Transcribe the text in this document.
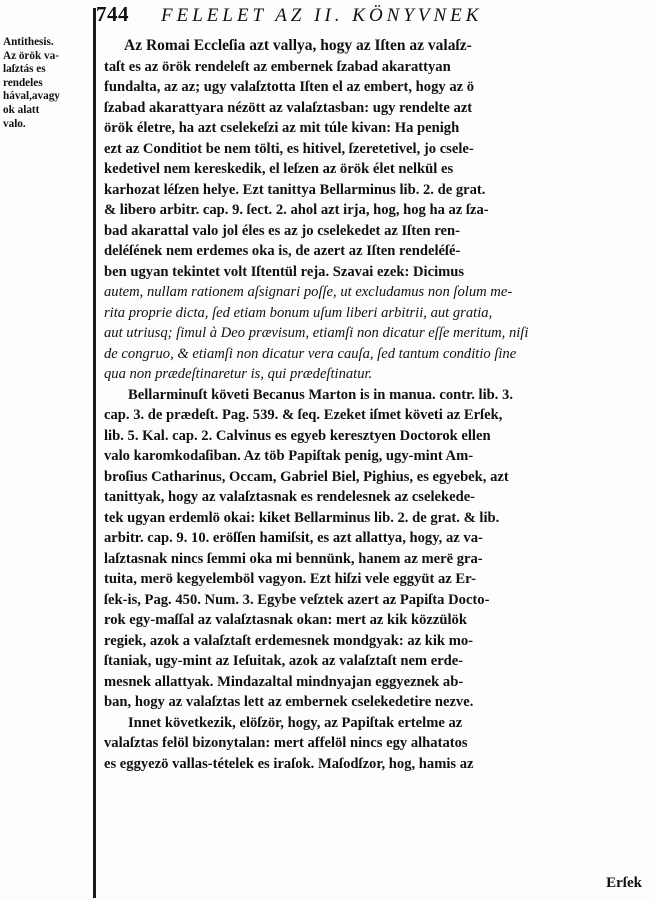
744 FELELET AZ II. KÖNYVNEK
Antithesis.
Az örök va-
laſztás es
rendeles
hával,avagy
ok alatt
valo.
Az Romai Eccleſia azt vallya, hogy az Iſten az valaſz-
taſt es az örök rendeleſt az embernek ſzabad akarattyan
fundalta, az az; ugy valaſztotta Iſten el az embert, hogy az ö
ſzabad akarattyara nézött az valaſztasban: ugy rendelte azt
örök életre, ha azt cselekeſzi az mit túle kivan: Ha penigh
ezt az Conditiot be nem tölti, es hitivel, ſzeretetivel, jo csele-
kedetivel nem kereskedik, el leſzen az örök élet nelkül es
karhozat léſzen helye. Ezt tanittya Bellarminus lib. 2. de grat.
& libero arbitr. cap. 9. ſect. 2. ahol azt irja, hog, hog ha az ſza-
bad akarattal valo jol éles es az jo cselekedet az Iſten ren-
deléſének nem erdemes oka is, de azert az Iſten rendeléſé-
ben ugyan tekintet volt Iſtentül reja. Szavai ezek: Dicimus
autem, nullam rationem aſsignari poſſe, ut excludamus non ſolum me-
rita proprie dicta, ſed etiam bonum uſum liberi arbitrii, aut gratia,
aut utriusq; ſimul à Deo prævisum, etiamſi non dicatur eſſe meritum, niſi
de congruo, & etiamſi non dicatur vera cauſa, ſed tantum conditio ſine
qua non prædeſtinaretur is, qui prædeſtinatur.
Bellarminuſt követi Becanus Marton is in manua. contr. lib. 3.
cap. 3. de prædeſt. Pag. 539. & ſeq. Ezeket iſmet követi az Erſek,
lib. 5. Kal. cap. 2. Calvinus es egyeb keresztyen Doctorok ellen
valo karomkodaſiban. Az töb Papiſtak penig, ugy-mint Am-
broſius Catharinus, Occam, Gabriel Biel, Pighius, es egyebek, azt
tanittyak, hogy az valaſztasnak es rendelesnek az cselekede-
tek ugyan erdemlö okai: kiket Bellarminus lib. 2. de grat. & lib.
arbitr. cap. 9. 10. eröſſen hamiſsit, es azt allattya, hogy, az va-
laſztasnak nincs ſemmi oka mi bennünk, hanem az merë gra-
tuita, merö kegyelemböl vagyon. Ezt hiſzi vele eggyüt az Er-
ſek-is, Pag. 450. Num. 3. Egybe veſztek azert az Papiſta Docto-
rok egy-maſſal az valaſztasnak okan: mert az kik közzülök
regiek, azok a valaſztaſt erdemesnek mondgyak: az kik mo-
ſtaniak, ugy-mint az Ieſuitak, azok az valaſztaſt nem erde-
mesnek allattyak. Mindazaltal mindnyajan eggyeznek ab-
ban, hogy az valaſztas lett az embernek cselekedetire nezve.
Innet következik, elöſzör, hogy, az Papiſtak ertelme az
valaſztas felöl bizonytalan: mert affelöl nincs egy alhatatos
es eggyezö vallas-tételek es iraſok. Maſodſzor, hog, hamis az
Erſek
